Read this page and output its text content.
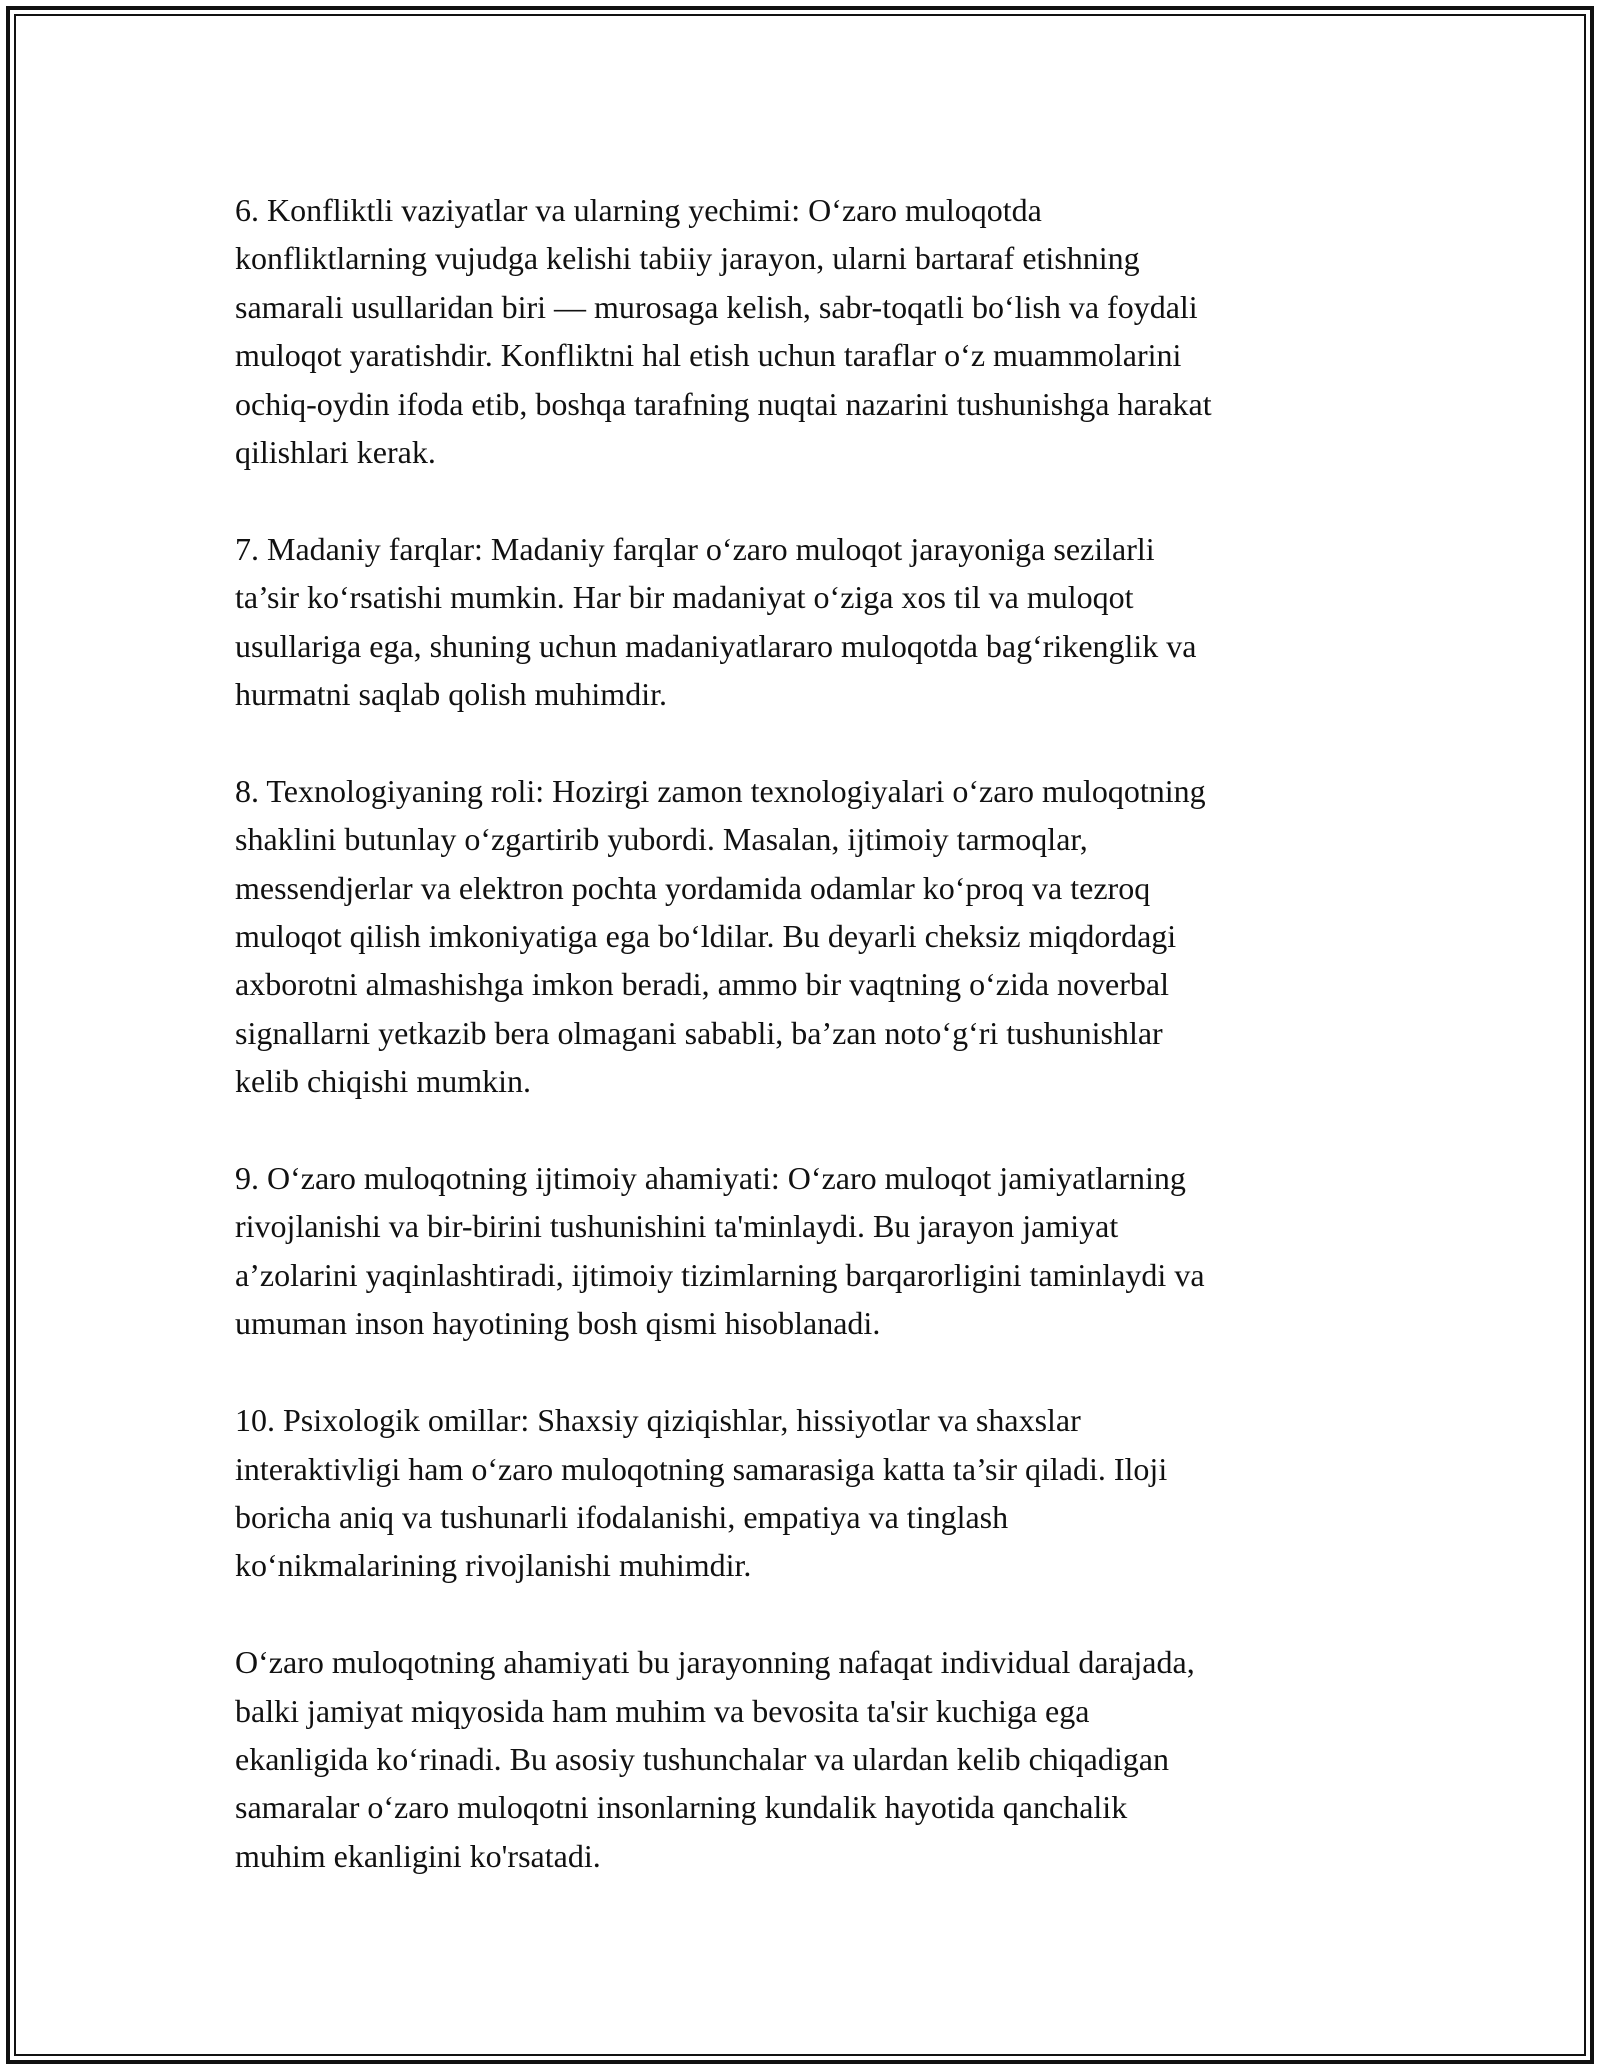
6. Konfliktli vaziyatlar va ularning yechimi: O‘zaro muloqotda
konfliktlarning vujudga kelishi tabiiy jarayon, ularni bartaraf etishning
samarali usullaridan biri — murosaga kelish, sabr-toqatli bo‘lish va foydali
muloqot yaratishdir. Konfliktni hal etish uchun taraflar o‘z muammolarini
ochiq-oydin ifoda etib, boshqa tarafning nuqtai nazarini tushunishga harakat
qilishlari kerak.
7. Madaniy farqlar: Madaniy farqlar o‘zaro muloqot jarayoniga sezilarli
ta’sir ko‘rsatishi mumkin. Har bir madaniyat o‘ziga xos til va muloqot
usullariga ega, shuning uchun madaniyatlararo muloqotda bag‘rikenglik va
hurmatni saqlab qolish muhimdir.
8. Texnologiyaning roli: Hozirgi zamon texnologiyalari o‘zaro muloqotning
shaklini butunlay o‘zgartirib yubordi. Masalan, ijtimoiy tarmoqlar,
messendjerlar va elektron pochta yordamida odamlar ko‘proq va tezroq
muloqot qilish imkoniyatiga ega bo‘ldilar. Bu deyarli cheksiz miqdordagi
axborotni almashishga imkon beradi, ammo bir vaqtning o‘zida noverbal
signallarni yetkazib bera olmagani sababli, ba’zan noto‘g‘ri tushunishlar
kelib chiqishi mumkin.
9. O‘zaro muloqotning ijtimoiy ahamiyati: O‘zaro muloqot jamiyatlarning
rivojlanishi va bir-birini tushunishini ta'minlaydi. Bu jarayon jamiyat
a’zolarini yaqinlashtiradi, ijtimoiy tizimlarning barqarorligini taminlaydi va
umuman inson hayotining bosh qismi hisoblanadi.
10. Psixologik omillar: Shaxsiy qiziqishlar, hissiyotlar va shaxslar
interaktivligi ham o‘zaro muloqotning samarasiga katta ta’sir qiladi. Iloji
boricha aniq va tushunarli ifodalanishi, empatiya va tinglash
ko‘nikmalarining rivojlanishi muhimdir.
O‘zaro muloqotning ahamiyati bu jarayonning nafaqat individual darajada,
balki jamiyat miqyosida ham muhim va bevosita ta'sir kuchiga ega
ekanligida ko‘rinadi. Bu asosiy tushunchalar va ulardan kelib chiqadigan
samaralar o‘zaro muloqotni insonlarning kundalik hayotida qanchalik
muhim ekanligini ko'rsatadi.
